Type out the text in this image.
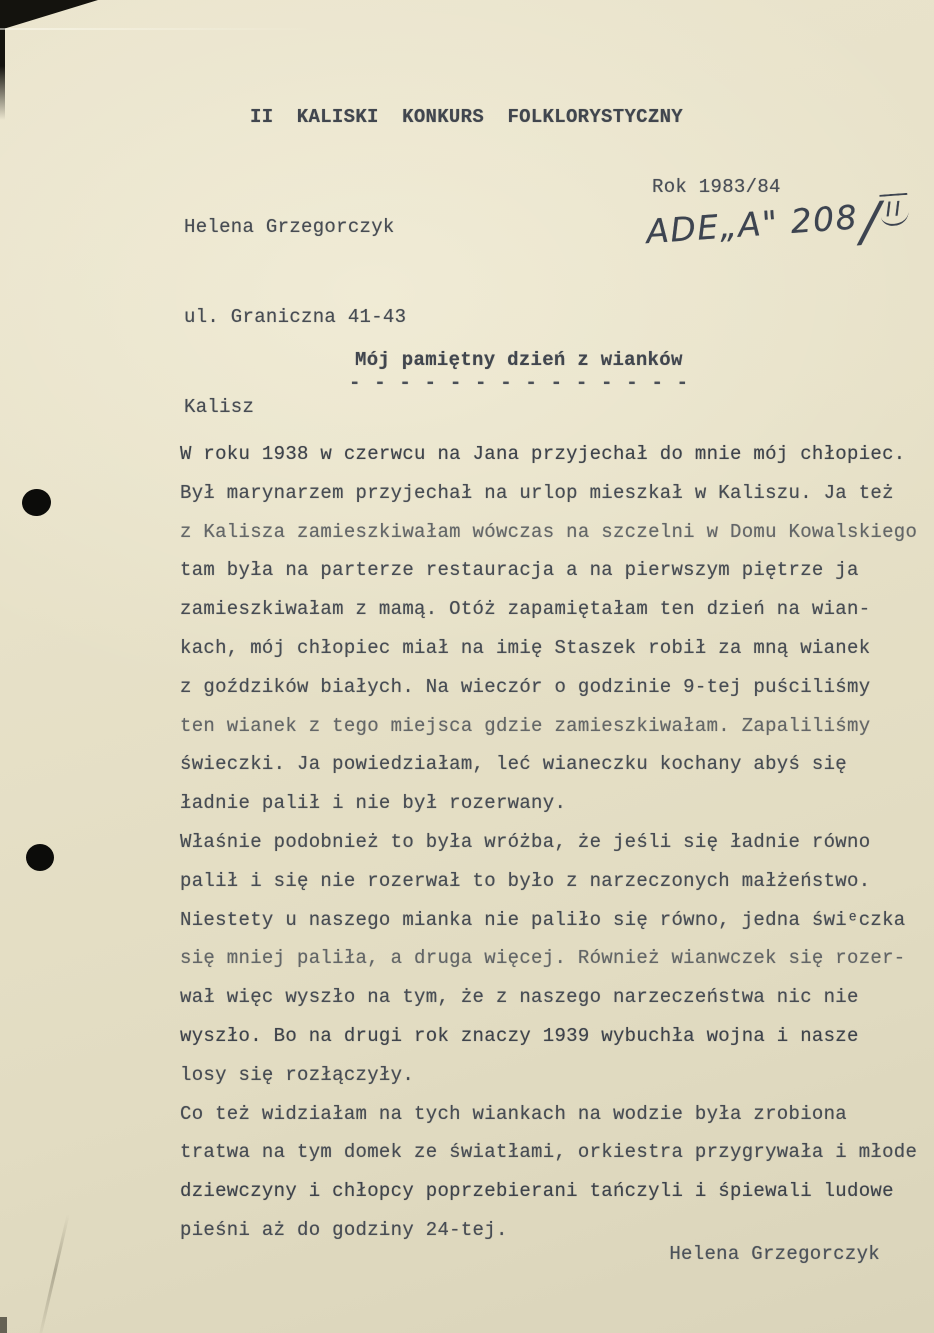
II  KALISKI  KONKURS  FOLKLORYSTYCZNY

Helena Grzegorczyk

ul. Graniczna 41-43

Kalisz

Rok 1983/84
ADE„A" 208/ II
Mój pamiętny dzień z wianków
- - - - - - - - - - - - - -
W roku 1938 w czerwcu na Jana przyjechał do mnie mój chłopiec.
Był marynarzem przyjechał na urlop mieszkał w Kaliszu. Ja też
z Kalisza zamieszkiwałam wówczas na szczelni w Domu Kowalskiego
tam była na parterze restauracja a na pierwszym piętrze ja
zamieszkiwałam z mamą. Otóż zapamiętałam ten dzień na wian-
kach, mój chłopiec miał na imię Staszek robił za mną wianek
z goździków białych. Na wieczór o godzinie 9-tej puściliśmy
ten wianek z tego miejsca gdzie zamieszkiwałam. Zapaliliśmy
świeczki. Ja powiedziałam, leć wianeczku kochany abyś się
ładnie palił i nie był rozerwany.
Właśnie podobnież to była wróżba, że jeśli się ładnie równo
palił i się nie rozerwał to było z narzeczonych małżeństwo.
Niestety u naszego mianka nie paliło się równo, jedna świᵉczka
się mniej paliła, a druga więcej. Również wianwczek się rozer-
wał więc wyszło na tym, że z naszego narzeczeństwa nic nie
wyszło. Bo na drugi rok znaczy 1939 wybuchła wojna i nasze
losy się rozłączyły.
Co też widziałam na tych wiankach na wodzie była zrobiona
tratwa na tym domek ze światłami, orkiestra przygrywała i młode
dziewczyny i chłopcy poprzebierani tańczyli i śpiewali ludowe
pieśni aż do godziny 24-tej.
Helena Grzegorczyk
